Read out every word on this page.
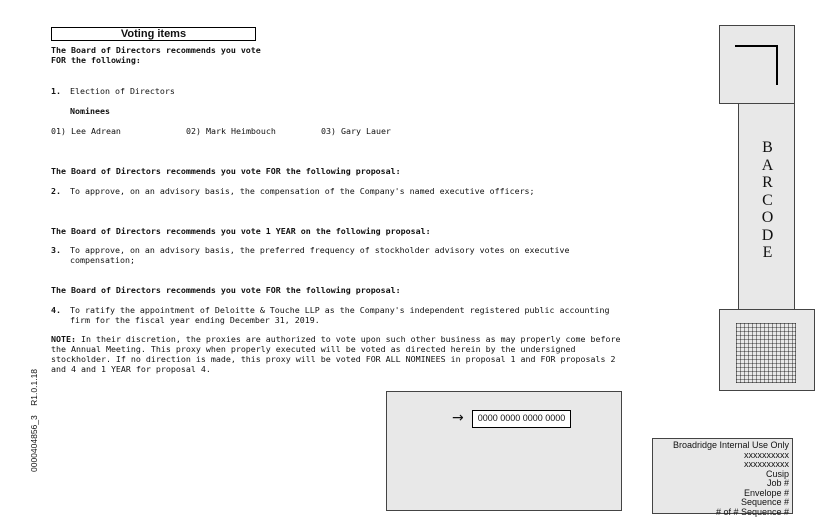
Voting items
The Board of Directors recommends you vote
FOR the following:
1. Election of Directors
Nominees
01) Lee Adrean	02) Mark Heimbouch	03) Gary Lauer
The Board of Directors recommends you vote FOR the following proposal:
2. To approve, on an advisory basis, the compensation of the Company's named executive officers;
The Board of Directors recommends you vote 1 YEAR on the following proposal:
3. To approve, on an advisory basis, the preferred frequency of stockholder advisory votes on executive
compensation;
The Board of Directors recommends you vote FOR the following proposal:
4. To ratify the appointment of Deloitte & Touche LLP as the Company's independent registered public accounting
firm for the fiscal year ending December 31, 2019.
NOTE: In their discretion, the proxies are authorized to vote upon such other business as may properly come before
the Annual Meeting. This proxy when properly executed will be voted as directed herein by the undersigned
stockholder. If no direction is made, this proxy will be voted FOR ALL NOMINEES in proposal 1 and FOR proposals 2
and 4 and 1 YEAR for proposal 4.
0000404856_3    R1.0.1.18	→	0000 0000 0000 0000
B
A
R
C
O
D
E
Broadridge Internal Use Only
xxxxxxxxxx
xxxxxxxxxx
Cusip
Job #
Envelope #
Sequence #
# of # Sequence #
